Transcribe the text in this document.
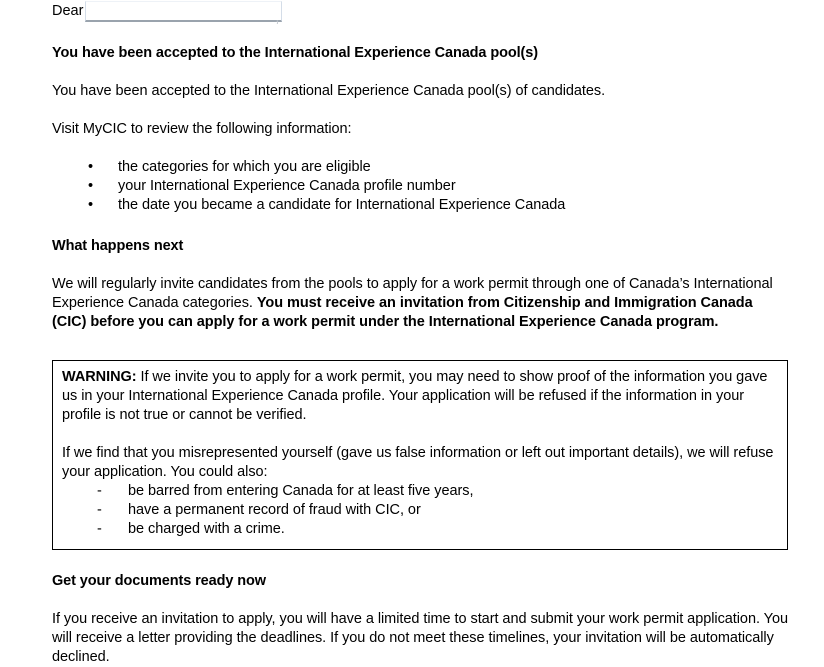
Dear	,
You have been accepted to the International Experience Canada pool(s)

You have been accepted to the International Experience Canada pool(s) of candidates.

Visit MyCIC to review the following information:

• the categories for which you are eligible
• your International Experience Canada profile number
• the date you became a candidate for International Experience Canada
What happens next

We will regularly invite candidates from the pools to apply for a work permit through one of Canada’s International Experience Canada categories. You must receive an invitation from Citizenship and Immigration Canada (CIC) before you can apply for a work permit under the International Experience Canada program.

WARNING: If we invite you to apply for a work permit, you may need to show proof of the information you gave us in your International Experience Canada profile. Your application will be refused if the information in your profile is not true or cannot be verified.

If we find that you misrepresented yourself (gave us false information or left out important details), we will refuse your application. You could also:

- be barred from entering Canada for at least five years,
- have a permanent record of fraud with CIC, or
- be charged with a crime.
Get your documents ready now

If you receive an invitation to apply, you will have a limited time to start and submit your work permit application. You will receive a letter providing the deadlines. If you do not meet these timelines, your invitation will be automatically declined.
